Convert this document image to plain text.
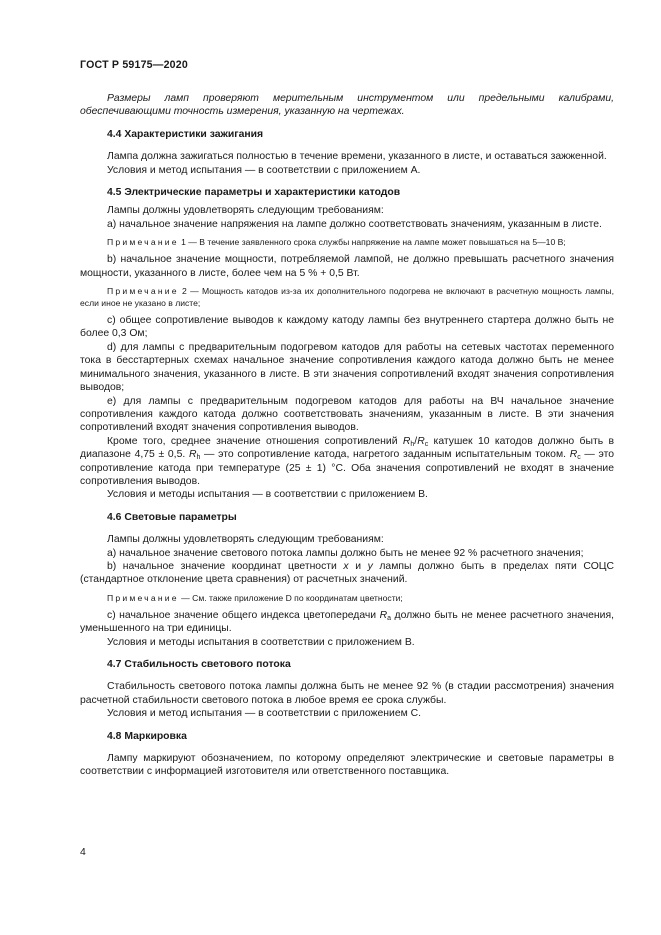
ГОСТ Р 59175—2020

Размеры ламп проверяют мерительным инструментом или предельными калибрами, обеспечивающими точность измерения, указанную на чертежах.

4.4 Характеристики зажигания

Лампа должна зажигаться полностью в течение времени, указанного в листе, и оставаться зажженной.

Условия и метод испытания — в соответствии с приложением А.

4.5 Электрические параметры и характеристики катодов

Лампы должны удовлетворять следующим требованиям:

a) начальное значение напряжения на лампе должно соответствовать значениям, указанным в листе.

Примечание 1 — В течение заявленного срока службы напряжение на лампе может повышаться на 5—10 В;

b) начальное значение мощности, потребляемой лампой, не должно превышать расчетного значения мощности, указанного в листе, более чем на 5 % + 0,5 Вт.

Примечание 2 — Мощность катодов из-за их дополнительного подогрева не включают в расчетную мощность лампы, если иное не указано в листе;

c) общее сопротивление выводов к каждому катоду лампы без внутреннего стартера должно быть не более 0,3 Ом;

d) для лампы с предварительным подогревом катодов для работы на сетевых частотах переменного тока в бесстартерных схемах начальное значение сопротивления каждого катода должно быть не менее минимального значения, указанного в листе. В эти значения сопротивлений входят значения сопротивления выводов;

e) для лампы с предварительным подогревом катодов для работы на ВЧ начальное значение сопротивления каждого катода должно соответствовать значениям, указанным в листе. В эти значения сопротивлений входят значения сопротивления выводов.

Кроме того, среднее значение отношения сопротивлений $R_h/R_c$ катушек 10 катодов должно быть в диапазоне 4,75 ± 0,5. $R_h$ — это сопротивление катода, нагретого заданным испытательным током. $R_c$ — это сопротивление катода при температуре (25 ± 1) °C. Оба значения сопротивлений не входят в значение сопротивления выводов.

Условия и методы испытания — в соответствии с приложением В.

4.6 Световые параметры

Лампы должны удовлетворять следующим требованиям:

a) начальное значение светового потока лампы должно быть не менее 92 % расчетного значения;

b) начальное значение координат цветности x и y лампы должно быть в пределах пяти СОЦС (стандартное отклонение цвета сравнения) от расчетных значений.

Примечание — См. также приложение D по координатам цветности;

c) начальное значение общего индекса цветопередачи $R_a$ должно быть не менее расчетного значения, уменьшенного на три единицы.

Условия и методы испытания в соответствии с приложением В.

4.7 Стабильность светового потока

Стабильность светового потока лампы должна быть не менее 92 % (в стадии рассмотрения) значения расчетной стабильности светового потока в любое время ее срока службы.

Условия и метод испытания — в соответствии с приложением С.

4.8 Маркировка

Лампу маркируют обозначением, по которому определяют электрические и световые параметры в соответствии с информацией изготовителя или ответственного поставщика.

4
